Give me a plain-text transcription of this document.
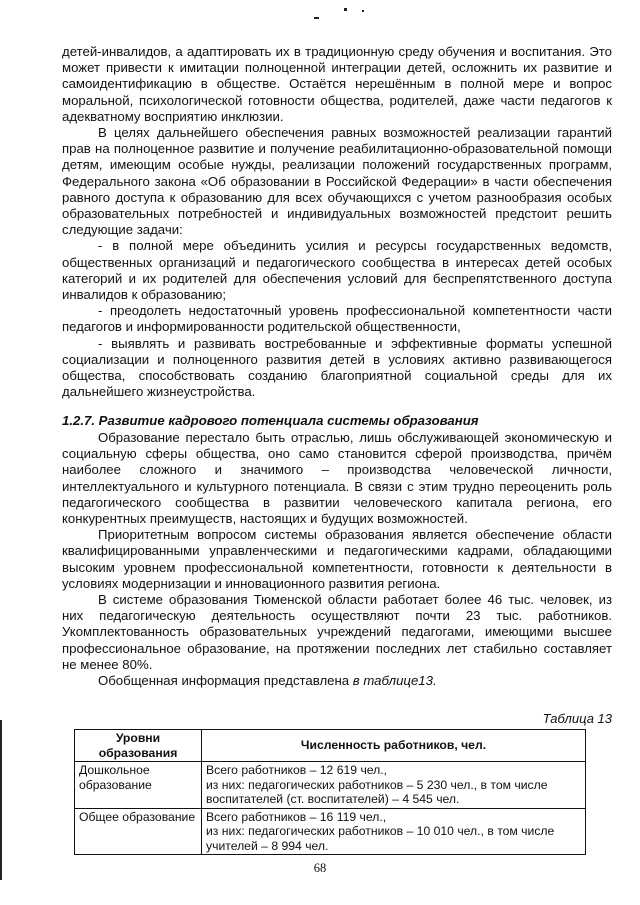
детей-инвалидов, а адаптировать их в традиционную среду обучения и воспитания. Это может привести к имитации полноценной интеграции детей, осложнить их развитие и самоидентификацию в обществе. Остаётся нерешённым в полной мере и вопрос моральной, психологической готовности общества, родителей, даже части педагогов к адекватному восприятию инклюзии.

В целях дальнейшего обеспечения равных возможностей реализации гарантий прав на полноценное развитие и получение реабилитационно-образовательной помощи детям, имеющим особые нужды, реализации положений государственных программ, Федерального закона «Об образовании в Российской Федерации» в части обеспечения равного доступа к образованию для всех обучающихся с учетом разнообразия особых образовательных потребностей и индивидуальных возможностей предстоит решить следующие задачи:

- в полной мере объединить усилия и ресурсы государственных ведомств, общественных организаций и педагогического сообщества в интересах детей особых категорий и их родителей для обеспечения условий для беспрепятственного доступа инвалидов к образованию;

- преодолеть недостаточный уровень профессиональной компетентности части педагогов и информированности родительской общественности,

- выявлять и развивать востребованные и эффективные форматы успешной социализации и полноценного развития детей в условиях активно развивающегося общества, способствовать созданию благоприятной социальной среды для их дальнейшего жизнеустройства.

1.2.7. Развитие кадрового потенциала системы образования

Образование перестало быть отраслью, лишь обслуживающей экономическую и социальную сферы общества, оно само становится сферой производства, причём наиболее сложного и значимого – производства человеческой личности, интеллектуального и культурного потенциала. В связи с этим трудно переоценить роль педагогического сообщества в развитии человеческого капитала региона, его конкурентных преимуществ, настоящих и будущих возможностей.

Приоритетным вопросом системы образования является обеспечение области квалифицированными управленческими и педагогическими кадрами, обладающими высоким уровнем профессиональной компетентности, готовности к деятельности в условиях модернизации и инновационного развития региона.

В системе образования Тюменской области работает более 46 тыс. человек, из них педагогическую деятельность осуществляют почти 23 тыс. работников. Укомплектованность образовательных учреждений педагогами, имеющими высшее профессиональное образование, на протяжении последних лет стабильно составляет не менее 80%.

Обобщенная информация представлена в таблице13.

Таблица 13

Уровни образования	Численность работников, чел.
Дошкольное образование	Всего работников – 12 619 чел.,
из них: педагогических работников – 5 230 чел., в том числе воспитателей (ст. воспитателей) – 4 545 чел.

Общее образование	Всего работников – 16 119 чел.,
из них: педагогических работников – 10 010 чел., в том числе учителей – 8 994 чел.

68
